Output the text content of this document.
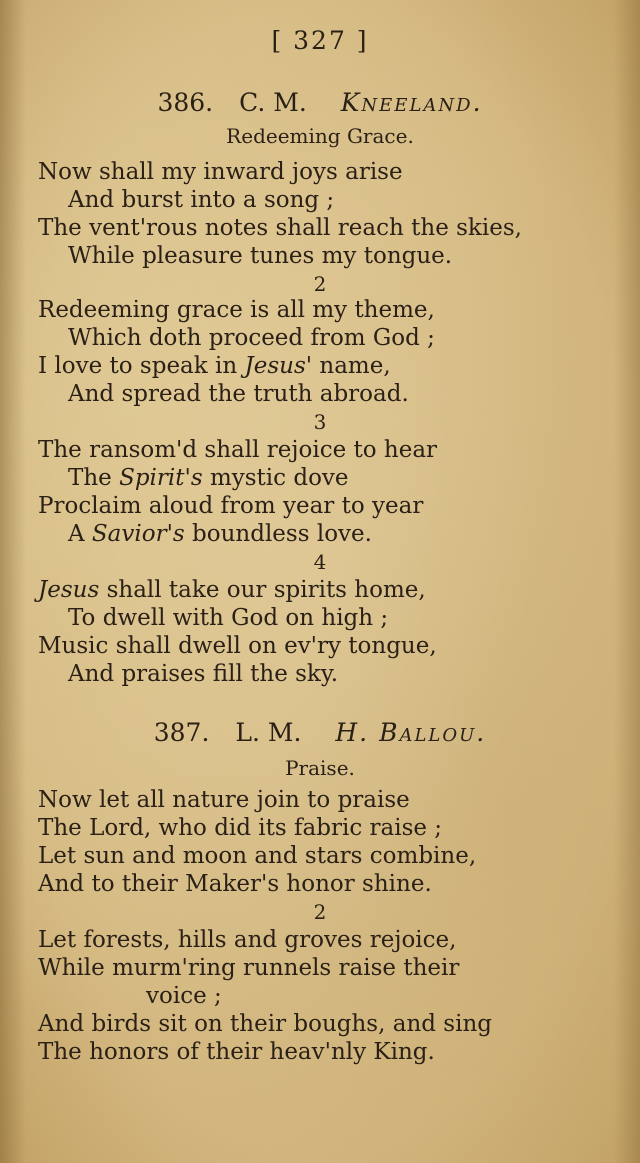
[ 327 ]
386. C. M. Kneeland.
Redeeming Grace.
Now shall my inward joys arise
And burst into a song ;
The vent'rous notes shall reach the skies,
While pleasure tunes my tongue.
2
Redeeming grace is all my theme,
Which doth proceed from God ;
I love to speak in Jesus' name,
And spread the truth abroad.
3
The ransom'd shall rejoice to hear
The Spirit's mystic dove
Proclaim aloud from year to year
A Savior's boundless love.
4
Jesus shall take our spirits home,
To dwell with God on high ;
Music shall dwell on ev'ry tongue,
And praises fill the sky.
387. L. M. H. Ballou.
Praise.
Now let all nature join to praise
The Lord, who did its fabric raise ;
Let sun and moon and stars combine,
And to their Maker's honor shine.
2
Let forests, hills and groves rejoice,
While murm'ring runnels raise their
voice ;
And birds sit on their boughs, and sing
The honors of their heav'nly King.
